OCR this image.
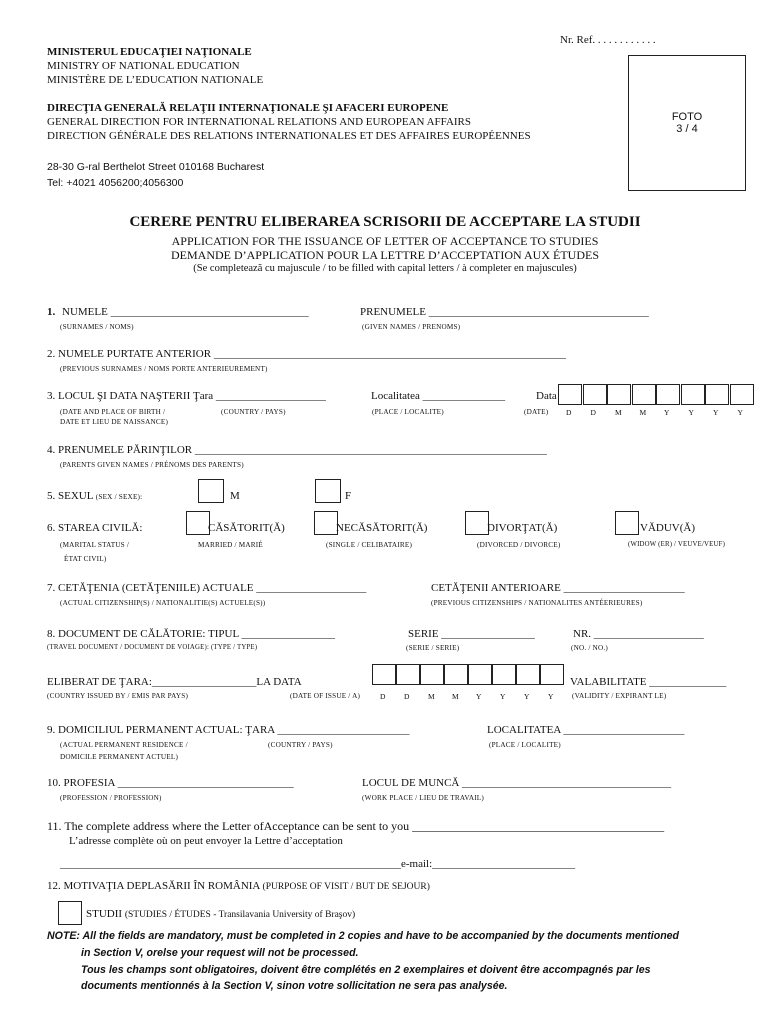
Nr. Ref. . . . . . . . . . . .
MINISTERUL EDUCAŢIEI NAŢIONALE
MINISTRY OF NATIONAL EDUCATION
MINISTÈRE DE L’EDUCATION NATIONALE
DIRECŢIA GENERALĂ RELAŢII INTERNAŢIONALE ŞI AFACERI EUROPENE
GENERAL DIRECTION FOR INTERNATIONAL RELATIONS AND EUROPEAN AFFAIRS
DIRECTION GÉNÉRALE DES RELATIONS INTERNATIONALES ET DES AFFAIRES EUROPÉENNES
28-30 G-ral Berthelot Street 010168 Bucharest
Tel: +4021 4056200;4056300
FOTO
3 / 4
CERERE PENTRU ELIBERAREA SCRISORII DE ACCEPTARE LA STUDII
APPLICATION FOR THE ISSUANCE OF LETTER OF ACCEPTANCE TO STUDIES
DEMANDE D’APPLICATION POUR LA LETTRE D’ACCEPTATION AUX ÉTUDES
(Se completează cu majuscule / to be filled with capital letters / à completer en majuscules)
1. NUMELE ____________________________________	PRENUMELE ________________________________________
(SURNAMES / NOMS)	(GIVEN NAMES / PRENOMS)
2. NUMELE PURTATE ANTERIOR ________________________________________________________________
(PREVIOUS SURNAMES / NOMS PORTE ANTERIEUREMENT)
3. LOCUL ŞI DATA NAŞTERII Ţara ____________________	Localitatea _______________	Data
(DATE AND PLACE OF BIRTH /
DATE ET LIEU DE NAISSANCE)
(COUNTRY / PAYS)	(PLACE / LOCALITE)	(DATE) D	D	M M Y	Y	Y	Y
4. PRENUMELE PĂRINŢILOR ________________________________________________________________
(PARENTS GIVEN NAMES / PRÉNOMS DES PARENTS)
5. SEXUL (SEX / SEXE):	M	F
6. STAREA CIVILĂ:	CĂSĂTORIT(Ă)	NECĂSĂTORIT(Ă)	DIVORŢAT(Ă)	VĂDUV(Ă)
(MARITAL STATUS /
ÉTAT CIVIL)
MARRIED / MARIÉ	(SINGLE / CELIBATAIRE)	(DIVORCED / DIVORCE)	(WIDOW (ER) / VEUVE/VEUF)
7. CETĂŢENIA (CETĂŢENIILE) ACTUALE ____________________	CETĂŢENII ANTERIOARE ______________________
(ACTUAL CITIZENSHIP(S) / NATIONALITIE(S) ACTUELE(S))	(PREVIOUS CITIZENSHIPS / NATIONALITES ANTÉERIEURES)
8. DOCUMENT DE CĂLĂTORIE: TIPUL _________________	SERIE _________________	NR. ____________________
(TRAVEL DOCUMENT / DOCUMENT DE VOIAGE): (TYPE / TYPE)	(SERIE / SERIE)	(NO. / NO.)
ELIBERAT DE ŢARA:___________________LA DATA	VALABILITATE ______________
(COUNTRY ISSUED BY / EMIS PAR PAYS)	(DATE OF ISSUE / A)	D D M M Y Y Y Y	(VALIDITY / EXPIRANT LE)
9. DOMICILIUL PERMANENT ACTUAL: ŢARA ________________________	LOCALITATEA ______________________
(ACTUAL PERMANENT RESIDENCE /
DOMICILE PERMANENT ACTUEL)
(COUNTRY / PAYS)	(PLACE / LOCALITE)
10. PROFESIA ________________________________	LOCUL DE MUNCĂ ______________________________________
(PROFESSION / PROFESSION)	(WORK PLACE / LIEU DE TRAVAIL)
11. The complete address where the Letter ofAcceptance can be sent to you __________________________________________
L’adresse complète où on peut envoyer la Lettre d’acceptation
______________________________________________________________e-mail:__________________________
12. MOTIVAŢIA DEPLASĂRII ÎN ROMÂNIA (PURPOSE OF VISIT / BUT DE SEJOUR)
STUDII (STUDIES / ÉTUDES - Transilavania University of Braşov)
NOTE: All the fields are mandatory, must be completed in 2 copies and have to be accompanied by the documents mentioned
in Section V, orelse your request will not be processed.
Tous les champs sont obligatoires, doivent être complétés en 2 exemplaires et doivent être accompagnés par les
documents mentionnés à la Section V, sinon votre sollicitation ne sera pas analysée.
